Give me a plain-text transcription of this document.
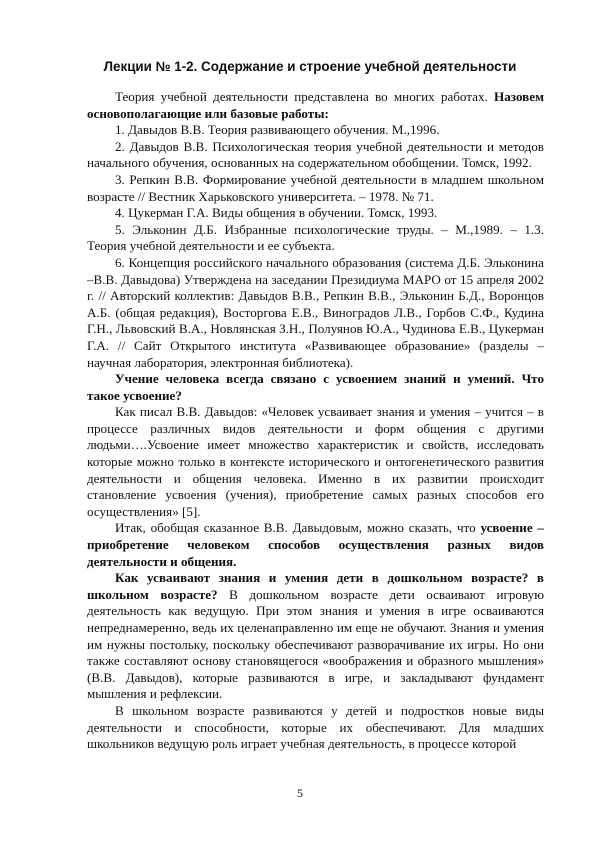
Лекции № 1-2. Содержание и строение учебной деятельности

Теория учебной деятельности представлена во многих работах. Назовем основополагающие или базовые работы:

1. Давыдов В.В. Теория развивающего обучения. М.,1996.

2. Давыдов В.В. Психологическая теория учебной деятельности и методов начального обучения, основанных на содержательном обобщении. Томск, 1992.

3. Репкин В.В. Формирование учебной деятельности в младшем школьном возрасте // Вестник Харьковского университета. – 1978. № 71.

4. Цукерман Г.А. Виды общения в обучении. Томск, 1993.

5. Эльконин Д.Б. Избранные психологические труды. – М.,1989. – 1.3. Теория учебной деятельности и ее субъекта.

6. Концепция российского начального образования (система Д.Б. Эльконина –В.В. Давыдова) Утверждена на заседании Президиума МАРО от 15 апреля 2002 г. // Авторский коллектив: Давыдов В.В., Репкин В.В., Эльконин Б.Д., Воронцов А.Б. (общая редакция), Восторгова Е.В., Виноградов Л.В., Горбов С.Ф., Кудина Г.Н., Львовский В.А., Новлянская З.Н., Полуянов Ю.А., Чудинова Е.В., Цукерман Г.А. // Сайт Открытого института «Развивающее образование» (разделы – научная лаборатория, электронная библиотека).

Учение человека всегда связано с усвоением знаний и умений. Что такое усвоение?

Как писал В.В. Давыдов: «Человек усваивает знания и умения – учится – в процессе различных видов деятельности и форм общения с другими людьми….Усвоение имеет множество характеристик и свойств, исследовать которые можно только в контексте исторического и онтогенетического развития деятельности и общения человека. Именно в их развитии происходит становление усвоения (учения), приобретение самых разных способов его осуществления» [5].

Итак, обобщая сказанное В.В. Давыдовым, можно сказать, что усвоение – приобретение человеком способов осуществления разных видов деятельности и общения.

Как усваивают знания и умения дети в дошкольном возрасте? в школьном возрасте? В дошкольном возрасте дети осваивают игровую деятельность как ведущую. При этом знания и умения в игре осваиваются непреднамеренно, ведь их целенаправленно им еще не обучают. Знания и умения им нужны постольку, поскольку обеспечивают разворачивание их игры. Но они также составляют основу становящегося «воображения и образного мышления» (В.В. Давыдов), которые развиваются в игре, и закладывают фундамент мышления и рефлексии.

В школьном возрасте развиваются у детей и подростков новые виды деятельности и способности, которые их обеспечивают. Для младших школьников ведущую роль играет учебная деятельность, в процессе которой

5
